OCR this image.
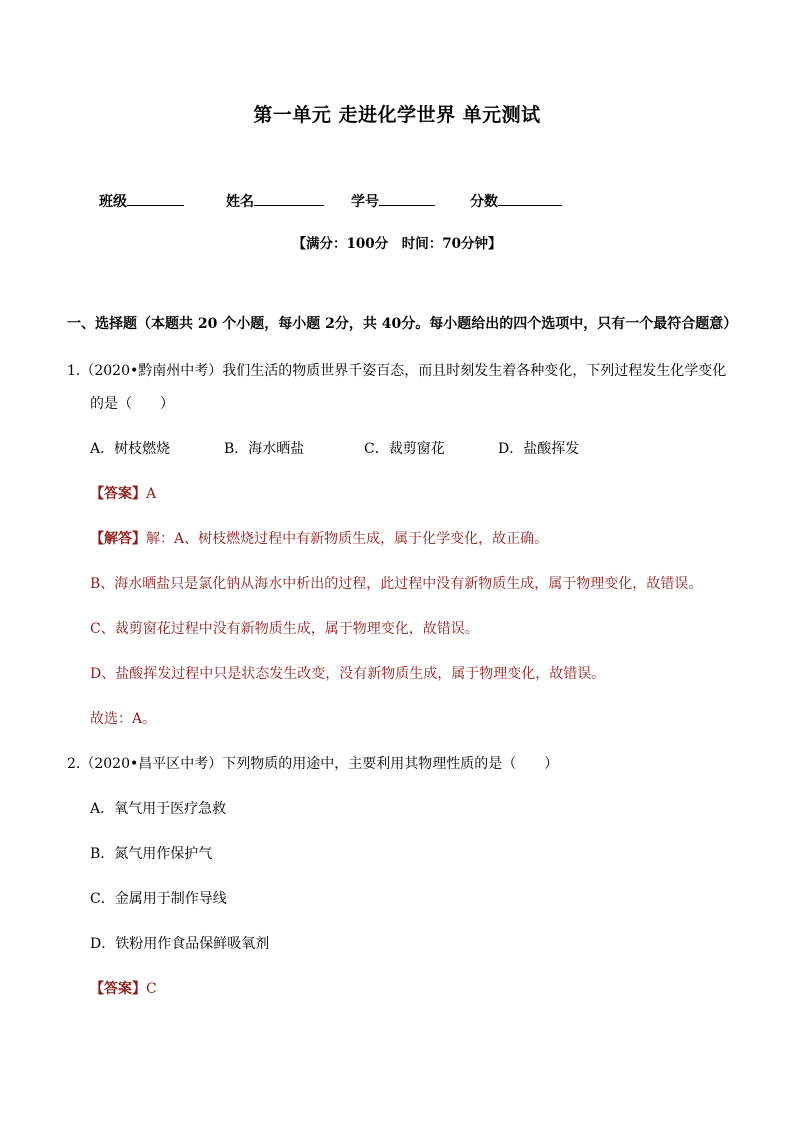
第一单元 走进化学世界 单元测试
班级	姓名	学号	分数
【满分：100分　时间：70分钟】
一、选择题（本题共 20 个小题，每小题 2分，共 40分。每小题给出的四个选项中，只有一个最符合题意）
1.（2020•黔南州中考）我们生活的物质世界千姿百态，而且时刻发生着各种变化，下列过程发生化学变化
的是（　　）
A．树枝燃烧	B．海水晒盐	C．裁剪窗花	D．盐酸挥发
【答案】A
【解答】解：A、树枝燃烧过程中有新物质生成，属于化学变化，故正确。
B、海水晒盐只是氯化钠从海水中析出的过程，此过程中没有新物质生成，属于物理变化，故错误。
C、裁剪窗花过程中没有新物质生成，属于物理变化，故错误。
D、盐酸挥发过程中只是状态发生改变，没有新物质生成，属于物理变化，故错误。
故选：A。
2.（2020•昌平区中考）下列物质的用途中，主要利用其物理性质的是（　　）
A．氧气用于医疗急救
B．氮气用作保护气
C．金属用于制作导线
D．铁粉用作食品保鲜吸氧剂
【答案】C
